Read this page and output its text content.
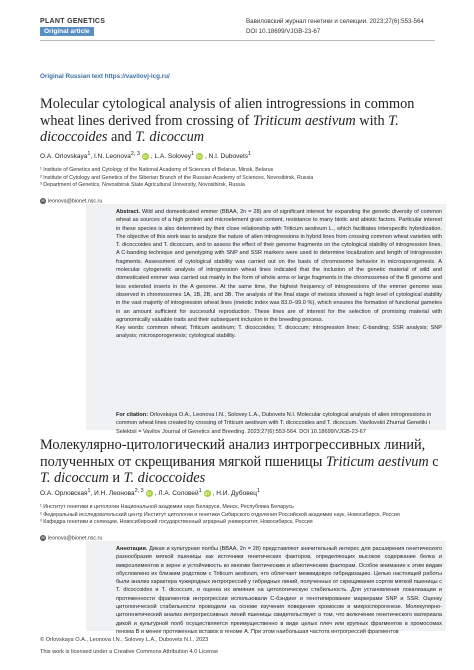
PLANT GENETICS
Original article
Вавиловский журнал генетики и селекции. 2023;27(6):553-564
DOI 10.18699/VJGB-23-67
Original Russian text https://vavilovj-icg.ru/
Molecular cytological analysis of alien introgressions in common wheat lines derived from crossing of Triticum aestivum with T. dicoccoides and T. dicoccum
O.A. Orlovskaya$^1$, I.N. Leonova$^{2, 3}$ iD , L.A. Solovey$^1$ iD , N.I. Dubovets$^1$
¹ Institute of Genetics and Cytology of the National Academy of Sciences of Belarus, Minsk, Belarus
² Institute of Cytology and Genetics of the Siberian Branch of the Russian Academy of Sciences, Novosibirsk, Russia
³ Department of Genetics, Novosibirsk State Agricultural University, Novosibirsk, Russia
✉ leonova@bionet.nsc.ru
Abstract. Wild and domesticated emmer (BBAA, 2n = 28) are of significant interest for expanding the genetic diversity of common wheat as sources of a high protein and microelement grain content, resistance to many biotic and abiotic factors. Particular interest in these species is also determined by their close relationship with Triticum aestivum L., which facilitates interspecific hybridization. The objective of this work was to analyze the nature of alien introgressions in hybrid lines from crossing common wheat varieties with T. dicoccoides and T. dicoccum, and to assess the effect of their genome fragments on the cytological stability of introgression lines. A C-banding technique and genotyping with SNP and SSR markers were used to determine localization and length of introgression fragments. Assessment of cytological stability was carried out on the basis of chromosome behavior in microsporogenesis. A molecular cytogenetic analysis of introgression wheat lines indicated that the inclusion of the genetic material of wild and domesticated emmer was carried out mainly in the form of whole arms or large fragments in the chromosomes of the B genome and less extended inserts in the A genome. At the same time, the highest frequency of introgressions of the emmer genome was observed in chromosomes 1A, 1B, 2B, and 3B. The analysis of the final stage of meiosis showed a high level of cytological stability in the vast majority of introgression wheat lines (meiotic index was 83.0–99.0 %), which ensures the formation of functional gametes in an amount sufficient for successful reproduction. These lines are of interest for the selection of promising material with agronomically valuable traits and their subsequent inclusion in the breeding process.
Key words: common wheat; Triticum aestivum; T. dicoccoides; T. dicoccum; introgression lines; C-banding; SSR analysis; SNP analysis; microsporogenesis; cytological stability.
For citation: Orlovskaya O.A., Leonova I.N., Solovey L.A., Dubovets N.I. Molecular cytological analysis of alien introgressions in common wheat lines created by crossing of Triticum aestivum with T. dicoccoides and T. dicoccum. Vavilovskii Zhurnal Genetiki i Selektsii = Vavilov Journal of Genetics and Breeding. 2023;27(6):553-564. DOI 10.18699/VJGB-23-67
Молекулярно-цитологический анализ интрогрессивных линий, полученных от скрещивания мягкой пшеницы Triticum aestivum с T. dicoccum и T. dicoccoides
О.А. Орловская$^1$, И.Н. Леонова$^{2, 3}$ iD , Л.А. Соловей$^1$ iD , Н.И. Дубовец$^1$
¹ Институт генетики и цитологии Национальной академии наук Беларуси, Минск, Республика Беларусь
² Федеральный исследовательский центр Институт цитологии и генетики Сибирского отделения Российской академии наук, Новосибирск, Россия
³ Кафедра генетики и селекции, Новосибирский государственный аграрный университет, Новосибирск, Россия
✉ leonova@bionet.nsc.ru
Аннотация. Дикая и культурная полбы (BBAA, 2n = 28) представляют значительный интерес для расширения генетического разнообразия мягкой пшеницы как источники генетических факторов, определяющих высокое содержание белка и микроэлементов в зерне и устойчивость ко многим биотическим и абиотическим факторам. Особое внимание к этим видам обусловлено их близким родством с Triticum aestivum, что облегчает межвидовую гибридизацию. Целью настоящей работы были анализ характера чужеродных интрогрессий у гибридных линий, полученных от скрещивания сортов мягкой пшеницы с T. dicoccoides и T. dicoccum, и оценка их влияния на цитологическую стабильность. Для установления локализации и протяженности фрагментов интрогрессии использовали С-бэндинг и генотипирование маркерами SNP и SSR. Оценку цитологической стабильности проводили на основе изучения поведения хромосом в микроспорогенезе. Молекулярно-цитогенетический анализ интрогрессивных линий пшеницы свидетельствует о том, что включение генетического материала дикой и культурной полб осуществляется преимущественно в виде целых плеч или крупных фрагментов в хромосомах генома B и менее протяженных вставок в геноме A. При этом наибольшая частота интрогрессий фрагментов
© Orlovskaya O.A., Leonova I.N., Solovey L.A., Dubovets N.I., 2023
This work is licensed under a Creative Commons Attribution 4.0 License
